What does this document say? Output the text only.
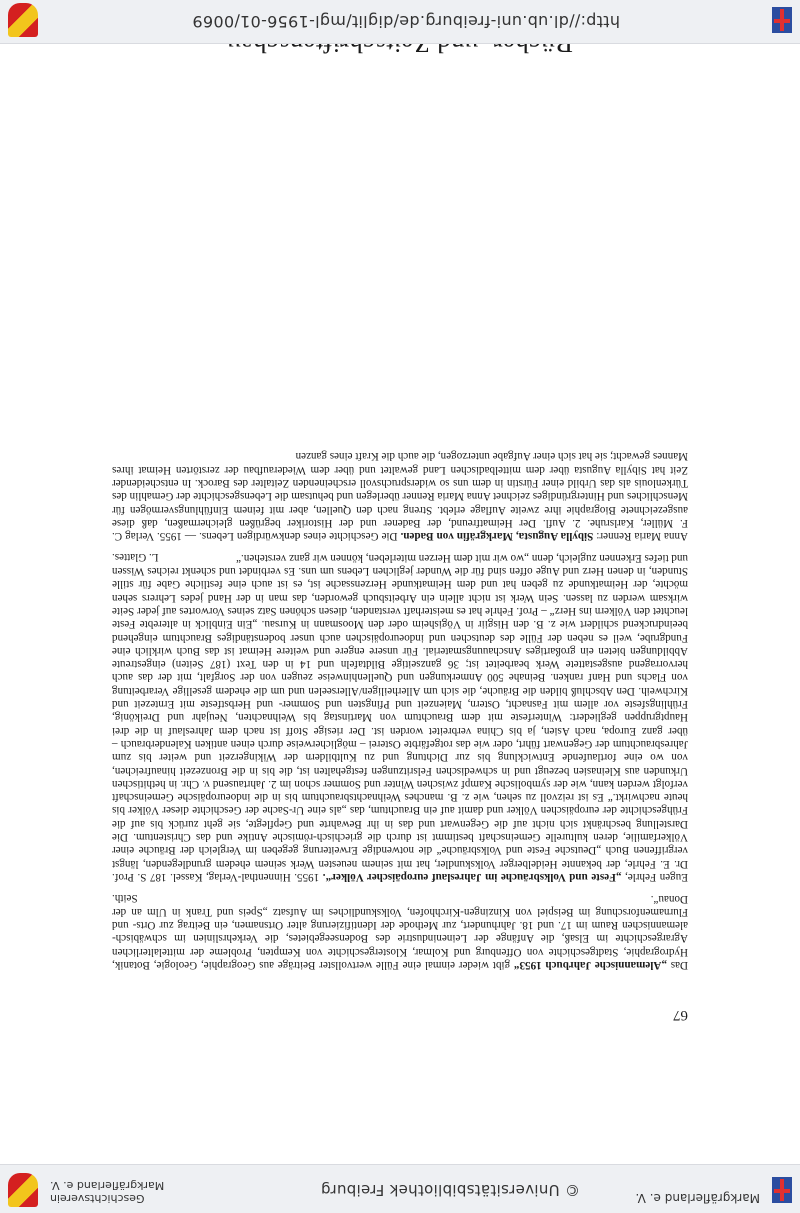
Markgräflerland e. V.
© Universitätsbibliothek Freiburg
Geschichtsverein
Markgräflerland e. V.

Das „Alemannische Jahrbuch 1953“ gibt wieder einmal eine Fülle wertvollster Beiträge aus Geographie, Geologie, Botanik, Hydrographie, Stadtgeschichte von Offenburg und Kolmar, Klostergeschichte von Kempten, Probleme der mittelalterlichen Agrargeschichte im Elsaß, die Anfänge der Leinenindustrie des Bodenseegebietes, die Verkehrslinien im schwäbisch-alemannischen Raum im 17. und 18. Jahrhundert, zur Methode der Identifizierung alter Ortsnamen, ein Beitrag zur Orts- und Flurnamenforschung im Beispiel von Kinzingen-Kirchhofen, Volkskundliches im Aufsatz „Speis und Trank in Ulm an der Donau“.

Seith.

Eugen Fehrle, „Feste und Volksbräuche im Jahreslauf europäischer Völker“. 1955. Hinnenthal-Verlag, Kassel. 187 S. Prof. Dr. E. Fehrle, der bekannte Heidelberger Volkskundler, hat mit seinem neuesten Werk seinem ehedem grundlegenden, längst vergriffenen Buch „Deutsche Feste und Volksbräuche“ die notwendige Erweiterung gegeben im Vergleich der Bräuche einer Völkerfamilie, deren kulturelle Gemeinschaft bestimmt ist durch die griechisch-römische Antike und das Christentum. Die Darstellung beschränkt sich nicht auf die Gegenwart und das in ihr Bewahrte und Gepflegte, sie geht zurück bis auf die Frühgeschichte der europäischen Völker und damit auf ein Brauchtum, das „als eine Ur-Sache der Geschichte dieser Völker bis heute nachwirkt.“ Es ist reizvoll zu sehen, wie z. B. manches Weihnachtsbrauchtum bis in die indoeuropäische Gemeinschaft verfolgt werden kann, wie der symbolische Kampf zwischen Winter und Sommer schon im 2. Jahrtausend v. Chr. in hethitischen Urkunden aus Kleinasien bezeugt und in schwedischen Felsritzungen festgehalten ist, die bis in die Bronzezeit hinaufreichen, von wo eine fortlaufende Entwicklung bis zur Dichtung und zu Kultbildern der Wikingerzeit und weiter bis zum Jahresbrauchtum der Gegenwart führt, oder wie das rotgefärbte Osterei – möglicherweise durch einen antiken Kalenderbrauch – über ganz Europa, nach Asien, ja bis China verbreitet worden ist. Der riesige Stoff ist nach dem Jahreslauf in die drei Hauptgruppen gegliedert: Winterfeste mit dem Brauchtum von Martinstag bis Weihnachten, Neujahr und Dreikönig, Frühlingsfeste vor allem mit Fasnacht, Ostern, Maienzeit und Pfingsten und Sommer- und Herbstfeste mit Erntezeit und Kirchweih. Den Abschluß bilden die Bräuche, die sich um Allerheiligen/Allerseelen und um die ehedem gesellige Verarbeitung von Flachs und Hanf ranken. Beinahe 500 Anmerkungen und Quellenhinweise zeugen von der Sorgfalt, mit der das auch hervorragend ausgestattete Werk bearbeitet ist; 36 ganzseitige Bildtafeln und 14 in den Text (187 Seiten) eingestreute Abbildungen bieten ein großartiges Anschauungsmaterial. Für unsere engere und weitere Heimat ist das Buch wirklich eine Fundgrube, weil es neben der Fülle des deutschen und indoeuropäischen auch unser bodenständiges Brauchtum eingehend beeindruckend schildert wie z. B. den Hisgiir in Vögisheim oder den Moosmann in Kursau. „Ein Einblick in alterebte Feste leuchtet den Völkern ins Herz“ – Prof. Fehrle hat es meisterhaft verstanden, diesen schönen Satz seines Vorwortes auf jeder Seite wirksam werden zu lassen. Sein Werk ist nicht allein ein Arbeitsbuch geworden, das man in der Hand jedes Lehrers sehen möchte, der Heimatkunde zu geben hat und dem Heimatkunde Herzenssache ist, es ist auch eine festliche Gabe für stille Stunden, in denen Herz und Auge offen sind für die Wunder jeglichen Lebens um uns. Es verbindet und schenkt reiches Wissen und tiefes Erkennen zugleich, denn „wo wir mit dem Herzen miterleben, können wir ganz verstehen.“

L. Glattes.

Anna Maria Renner: Sibylla Augusta, Markgräfin von Baden. Die Geschichte eines denkwürdigen Lebens. — 1955. Verlag C. F. Müller, Karlsruhe. 2. Aufl. Der Heimatfreund, der Badener und der Historiker begrüßen gleichermaßen, daß diese ausgezeichnete Biographie ihre zweite Auflage erlebt. Streng nach den Quellen, aber mit feinem Einfühlungsvermögen für Menschliches und Hintergründiges zeichnet Anna Maria Renner überlegen und behutsam die Lebensgeschichte der Gemahlin des Türkenlouis als das Urbild einer Fürstin in dem uns so widerspruchsvoll erscheinenden Zeitalter des Barock. In entscheidender Zeit hat Sibylla Augusta über dem mittelbadischen Land gewaltet und über dem Wiederaufbau der zerstörten Heimat ihres Mannes gewacht; sie hat sich einer Aufgabe unterzogen, die auch die Kraft eines ganzen

67
http://dl.ub.uni-freiburg.de/diglit/mgl-1956-01/0069
